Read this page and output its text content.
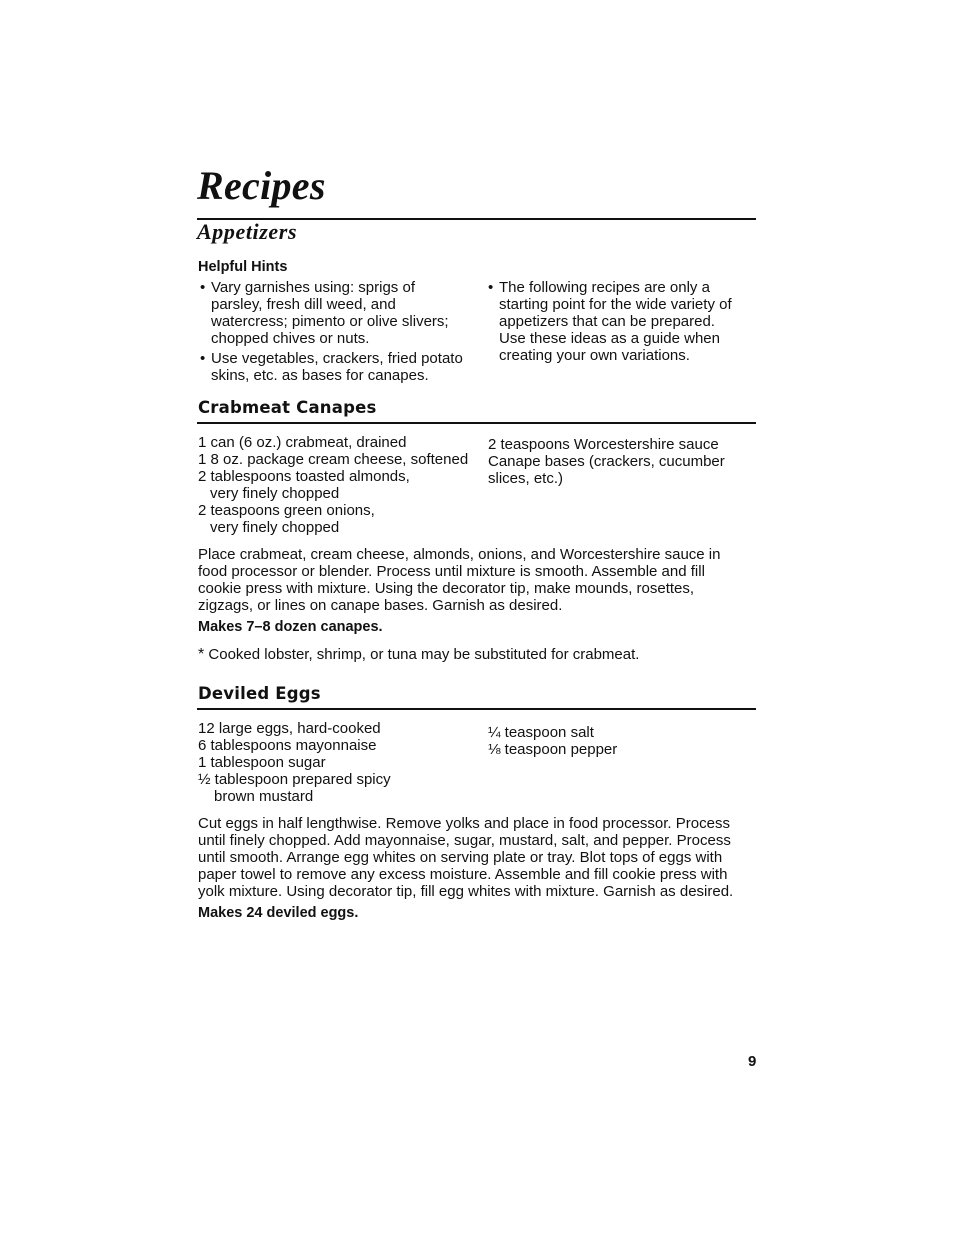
Recipes
Appetizers
Helpful Hints
• Vary garnishes using: sprigs of
parsley, fresh dill weed, and
watercress; pimento or olive slivers;
chopped chives or nuts.
• Use vegetables, crackers, fried potato
skins, etc. as bases for canapes.
• The following recipes are only a
starting point for the wide variety of
appetizers that can be prepared.
Use these ideas as a guide when
creating your own variations.
Crabmeat Canapes
1 can (6 oz.) crabmeat, drained
1 8 oz. package cream cheese, softened
2 tablespoons toasted almonds,
very finely chopped
2 teaspoons green onions,
very finely chopped
2 teaspoons Worcestershire sauce
Canape bases (crackers, cucumber
slices, etc.)

Place crabmeat, cream cheese, almonds, onions, and Worcestershire sauce in
food processor or blender. Process until mixture is smooth. Assemble and fill
cookie press with mixture. Using the decorator tip, make mounds, rosettes,
zigzags, or lines on canape bases. Garnish as desired.

Makes 7–8 dozen canapes.

* Cooked lobster, shrimp, or tuna may be substituted for crabmeat.

Deviled Eggs
12 large eggs, hard-cooked
6 tablespoons mayonnaise
1 tablespoon sugar
½ tablespoon prepared spicy
brown mustard
¼ teaspoon salt
⅛ teaspoon pepper

Cut eggs in half lengthwise. Remove yolks and place in food processor. Process
until finely chopped. Add mayonnaise, sugar, mustard, salt, and pepper. Process
until smooth. Arrange egg whites on serving plate or tray. Blot tops of eggs with
paper towel to remove any excess moisture. Assemble and fill cookie press with
yolk mixture. Using decorator tip, fill egg whites with mixture. Garnish as desired.

Makes 24 deviled eggs.

9
